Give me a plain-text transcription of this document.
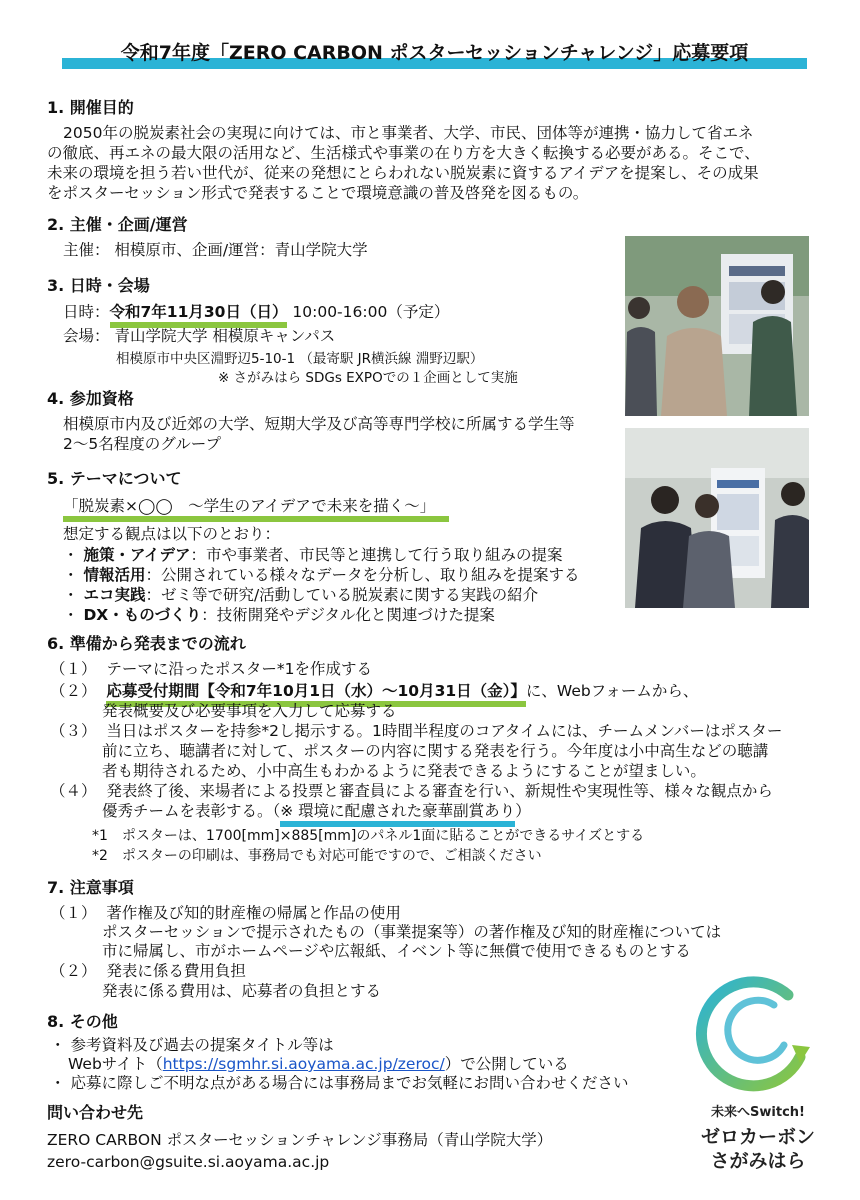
令和7年度「ZERO CARBON ポスターセッションチャレンジ」応募要項
1. 開催目的
2050年の脱炭素社会の実現に向けては、市と事業者、大学、市民、団体等が連携・協力して省エネ
の徹底、再エネの最大限の活用など、生活様式や事業の在り方を大きく転換する必要がある。そこで、
未来の環境を担う若い世代が、従来の発想にとらわれない脱炭素に資するアイデアを提案し、その成果
をポスターセッション形式で発表することで環境意識の普及啓発を図るもの。
2. 主催・企画/運営
主催： 相模原市、企画/運営：青山学院大学
3. 日時・会場
日時：令和7年11月30日（日） 10:00-16:00（予定）
会場： 青山学院大学 相模原キャンパス
相模原市中央区淵野辺5-10-1 （最寄駅 JR横浜線 淵野辺駅）
※ さがみはら SDGs EXPOでの１企画として実施
4. 参加資格
相模原市内及び近郊の大学、短期大学及び高等専門学校に所属する学生等
2～5名程度のグループ
5. テーマについて
「脱炭素×◯◯　～学生のアイデアで未来を描く～」
想定する観点は以下のとおり：
・ 施策・アイデア：市や事業者、市民等と連携して行う取り組みの提案
・ 情報活用：公開されている様々なデータを分析し、取り組みを提案する
・ エコ実践：ゼミ等で研究/活動している脱炭素に関する実践の紹介
・ DX・ものづくり：技術開発やデジタル化と関連づけた提案
6. 準備から発表までの流れ
（１） テーマに沿ったポスター*1を作成する
（２） 応募受付期間【令和7年10月1日（水）～10月31日（金）】に、Webフォームから、
発表概要及び必要事項を入力して応募する
（３） 当日はポスターを持参*2し掲示する。1時間半程度のコアタイムには、チームメンバーはポスター
前に立ち、聴講者に対して、ポスターの内容に関する発表を行う。今年度は小中高生などの聴講
者も期待されるため、小中高生もわかるように発表できるようにすることが望ましい。
（４） 発表終了後、来場者による投票と審査員による審査を行い、新規性や実現性等、様々な観点から
優秀チームを表彰する。（※ 環境に配慮された豪華副賞あり）
*1　ポスターは、1700[mm]×885[mm]のパネル1面に貼ることができるサイズとする
*2　ポスターの印刷は、事務局でも対応可能ですので、ご相談ください
7. 注意事項
（１） 著作権及び知的財産権の帰属と作品の使用
ポスターセッションで提示されたもの（事業提案等）の著作権及び知的財産権については
市に帰属し、市がホームページや広報紙、イベント等に無償で使用できるものとする
（２） 発表に係る費用負担
発表に係る費用は、応募者の負担とする
8. その他
・ 参考資料及び過去の提案タイトル等は
Webサイト（https://sgmhr.si.aoyama.ac.jp/zeroc/）で公開している
・ 応募に際しご不明な点がある場合には事務局までお気軽にお問い合わせください
問い合わせ先
ZERO CARBON ポスターセッションチャレンジ事務局（青山学院大学）
zero-carbon@gsuite.si.aoyama.ac.jp
未来へSwitch!
ゼロカーボン
さがみはら
